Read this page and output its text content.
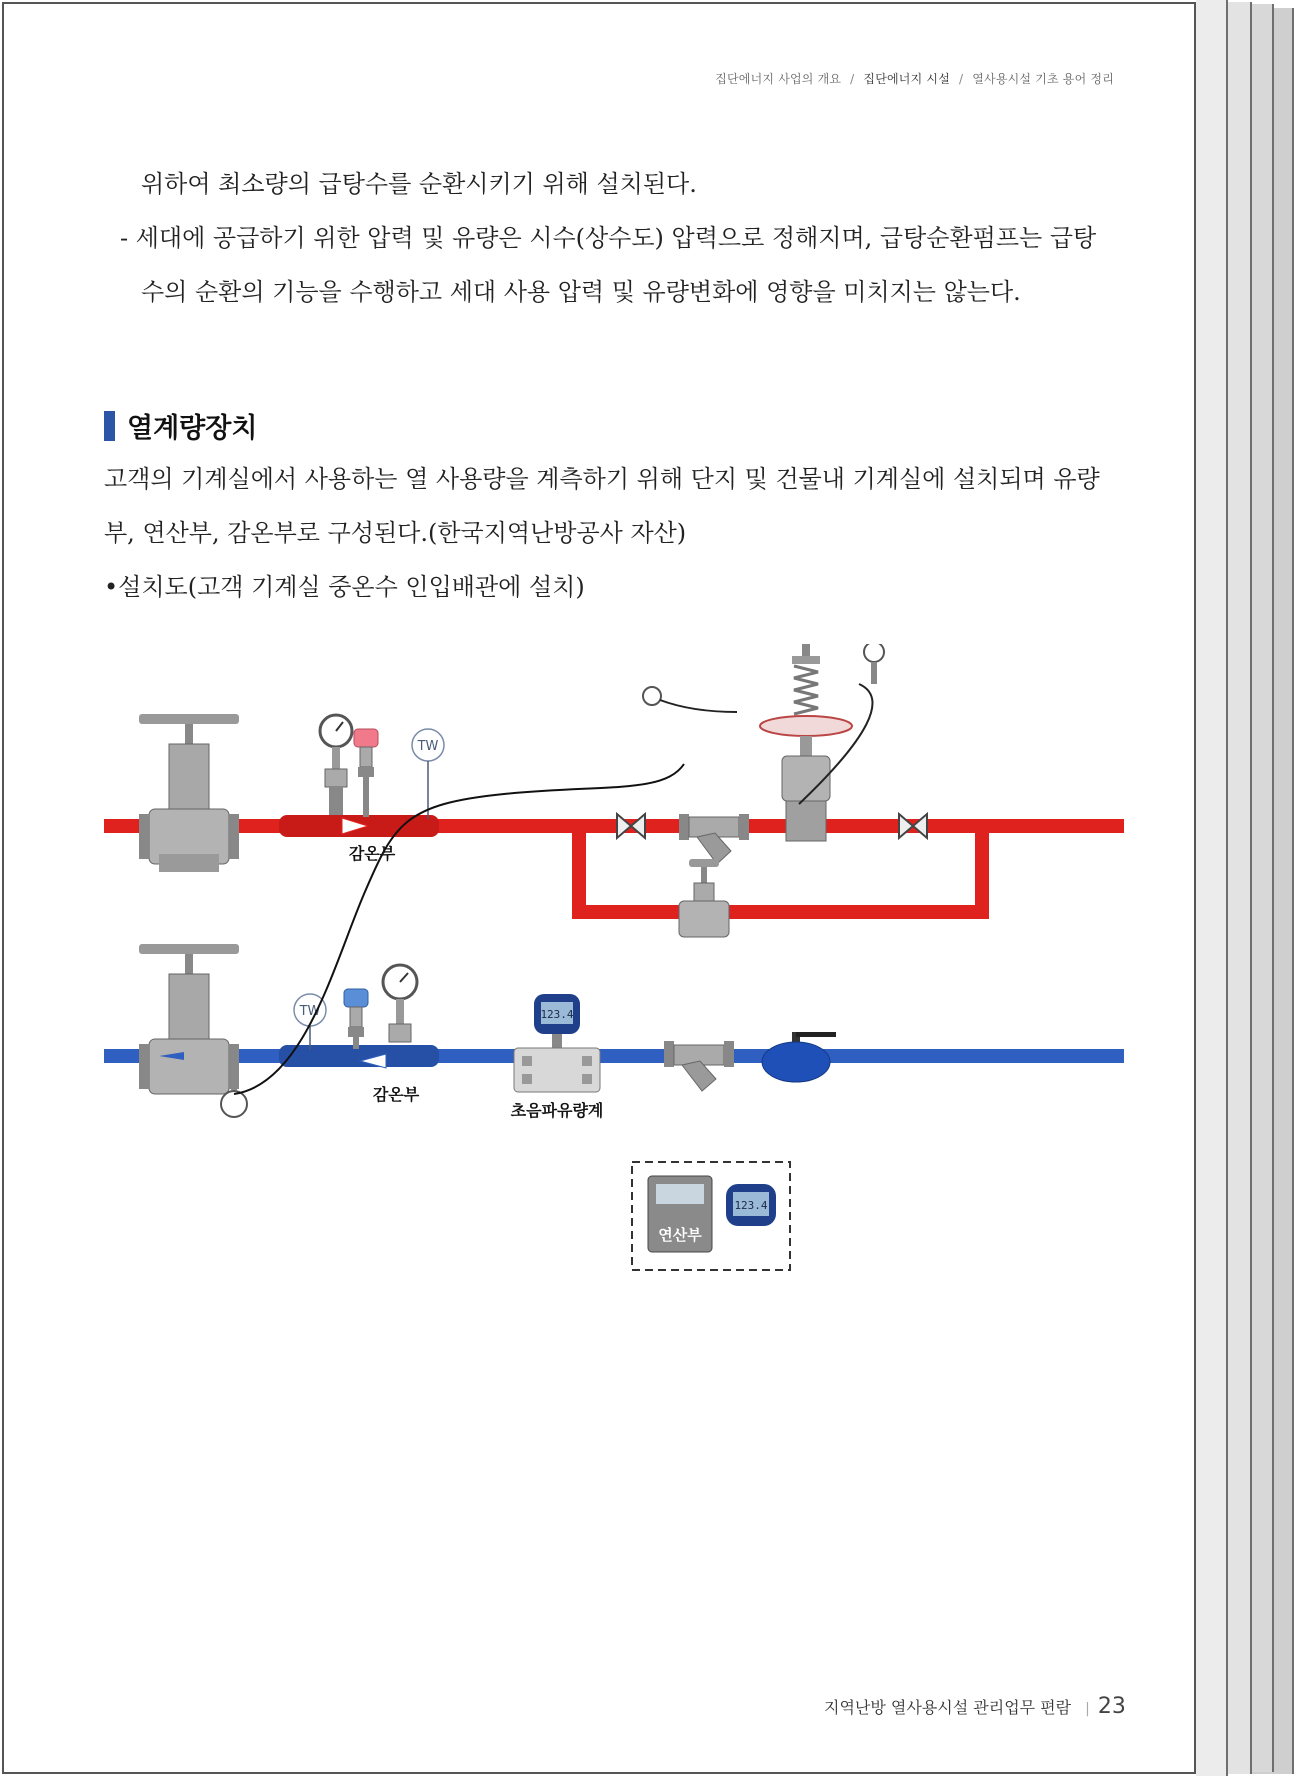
집단에너지 사업의 개요 / 집단에너지 시설 / 열사용시설 기초 용어 정리
위하여 최소량의 급탕수를 순환시키기 위해 설치된다.
- 세대에 공급하기 위한 압력 및 유량은 시수(상수도) 압력으로 정해지며, 급탕순환펌프는 급탕
수의 순환의 기능을 수행하고 세대 사용 압력 및 유량변화에 영향을 미치지는 않는다.
열계량장치
고객의 기계실에서 사용하는 열 사용량을 계측하기 위해 단지 및 건물내 기계실에 설치되며 유량
부, 연산부, 감온부로 구성된다.(한국지역난방공사 자산)
•설치도(고객 기계실 중온수 인입배관에 설치)
TW
감온부
TW
감온부
123.4
초음파유량계
연산부
123.4
지역난방 열사용시설 관리업무 편람 | 23
